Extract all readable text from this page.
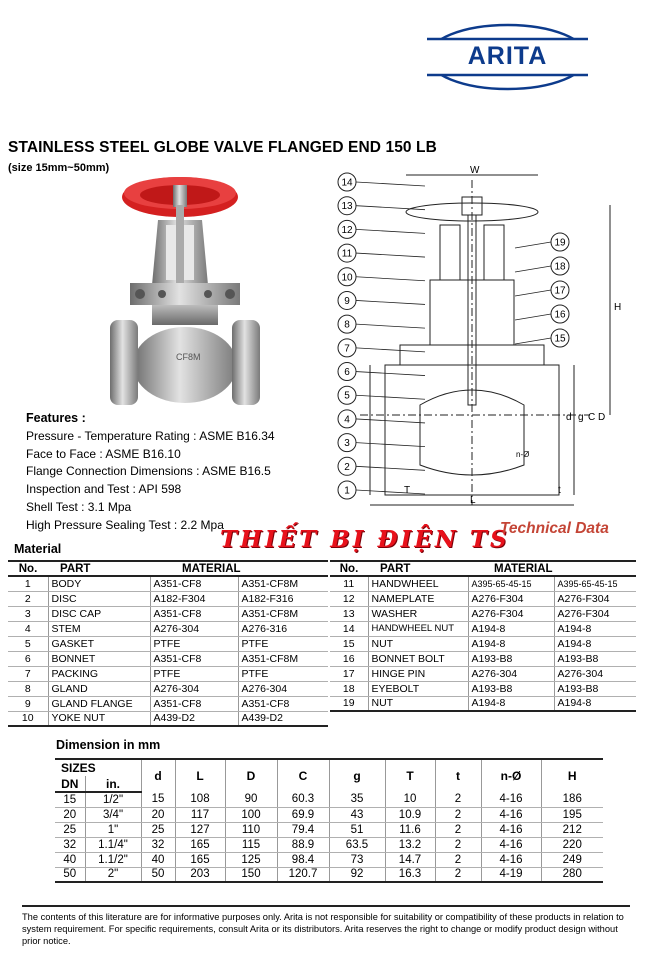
ARITA
STAINLESS STEEL GLOBE VALVE FLANGED END 150 LB
(size 15mm~50mm)
CF8M
14
13
12
11
10
9
8
7
6
5
4
3
2
1
19
18
17
16
15
W
H
d g C D
L
t
T
n-Ø
Features :
Pressure - Temperature Rating : ASME B16.34
Face to Face : ASME B16.10
Flange Connection Dimensions : ASME B16.5
Inspection and Test : API 598
Shell Test : 3.1 Mpa
High Pressure Sealing Test : 2.2 Mpa
THIẾT BỊ ĐIỆN TS
Technical Data
Material
No.	PART	MATERIAL	
1	BODY	A351-CF8	A351-CF8M
2	DISC	A182-F304	A182-F316
3	DISC CAP	A351-CF8	A351-CF8M
4	STEM	A276-304	A276-316
5	GASKET	PTFE	PTFE
6	BONNET	A351-CF8	A351-CF8M
7	PACKING	PTFE	PTFE
8	GLAND	A276-304	A276-304
9	GLAND FLANGE	A351-CF8	A351-CF8
10	YOKE NUT	A439-D2	A439-D2
No.	PART	MATERIAL	
11	HANDWHEEL	A395-65-45-15	A395-65-45-15
12	NAMEPLATE	A276-F304	A276-F304
13	WASHER	A276-F304	A276-F304
14	HANDWHEEL NUT	A194-8	A194-8
15	NUT	A194-8	A194-8
16	BONNET BOLT	A193-B8	A193-B8
17	HINGE PIN	A276-304	A276-304
18	EYEBOLT	A193-B8	A193-B8
19	NUT	A194-8	A194-8
Dimension in mm
SIZES		d	L	D	C	g	T	t	n-Ø	H
DN	in.									
15	1/2"	15	108	90	60.3	35	10	2	4-16	186
20	3/4"	20	117	100	69.9	43	10.9	2	4-16	195
25	1"	25	127	110	79.4	51	11.6	2	4-16	212
32	1.1/4"	32	165	115	88.9	63.5	13.2	2	4-16	220
40	1.1/2"	40	165	125	98.4	73	14.7	2	4-16	249
50	2"	50	203	150	120.7	92	16.3	2	4-19	280
The contents of this literature are for informative purposes only. Arita is not responsible for suitability or compatibility of these products in relation to system requirement. For specific requirements, consult Arita or its distributors. Arita reserves the right to change or modify product design without prior notice.
